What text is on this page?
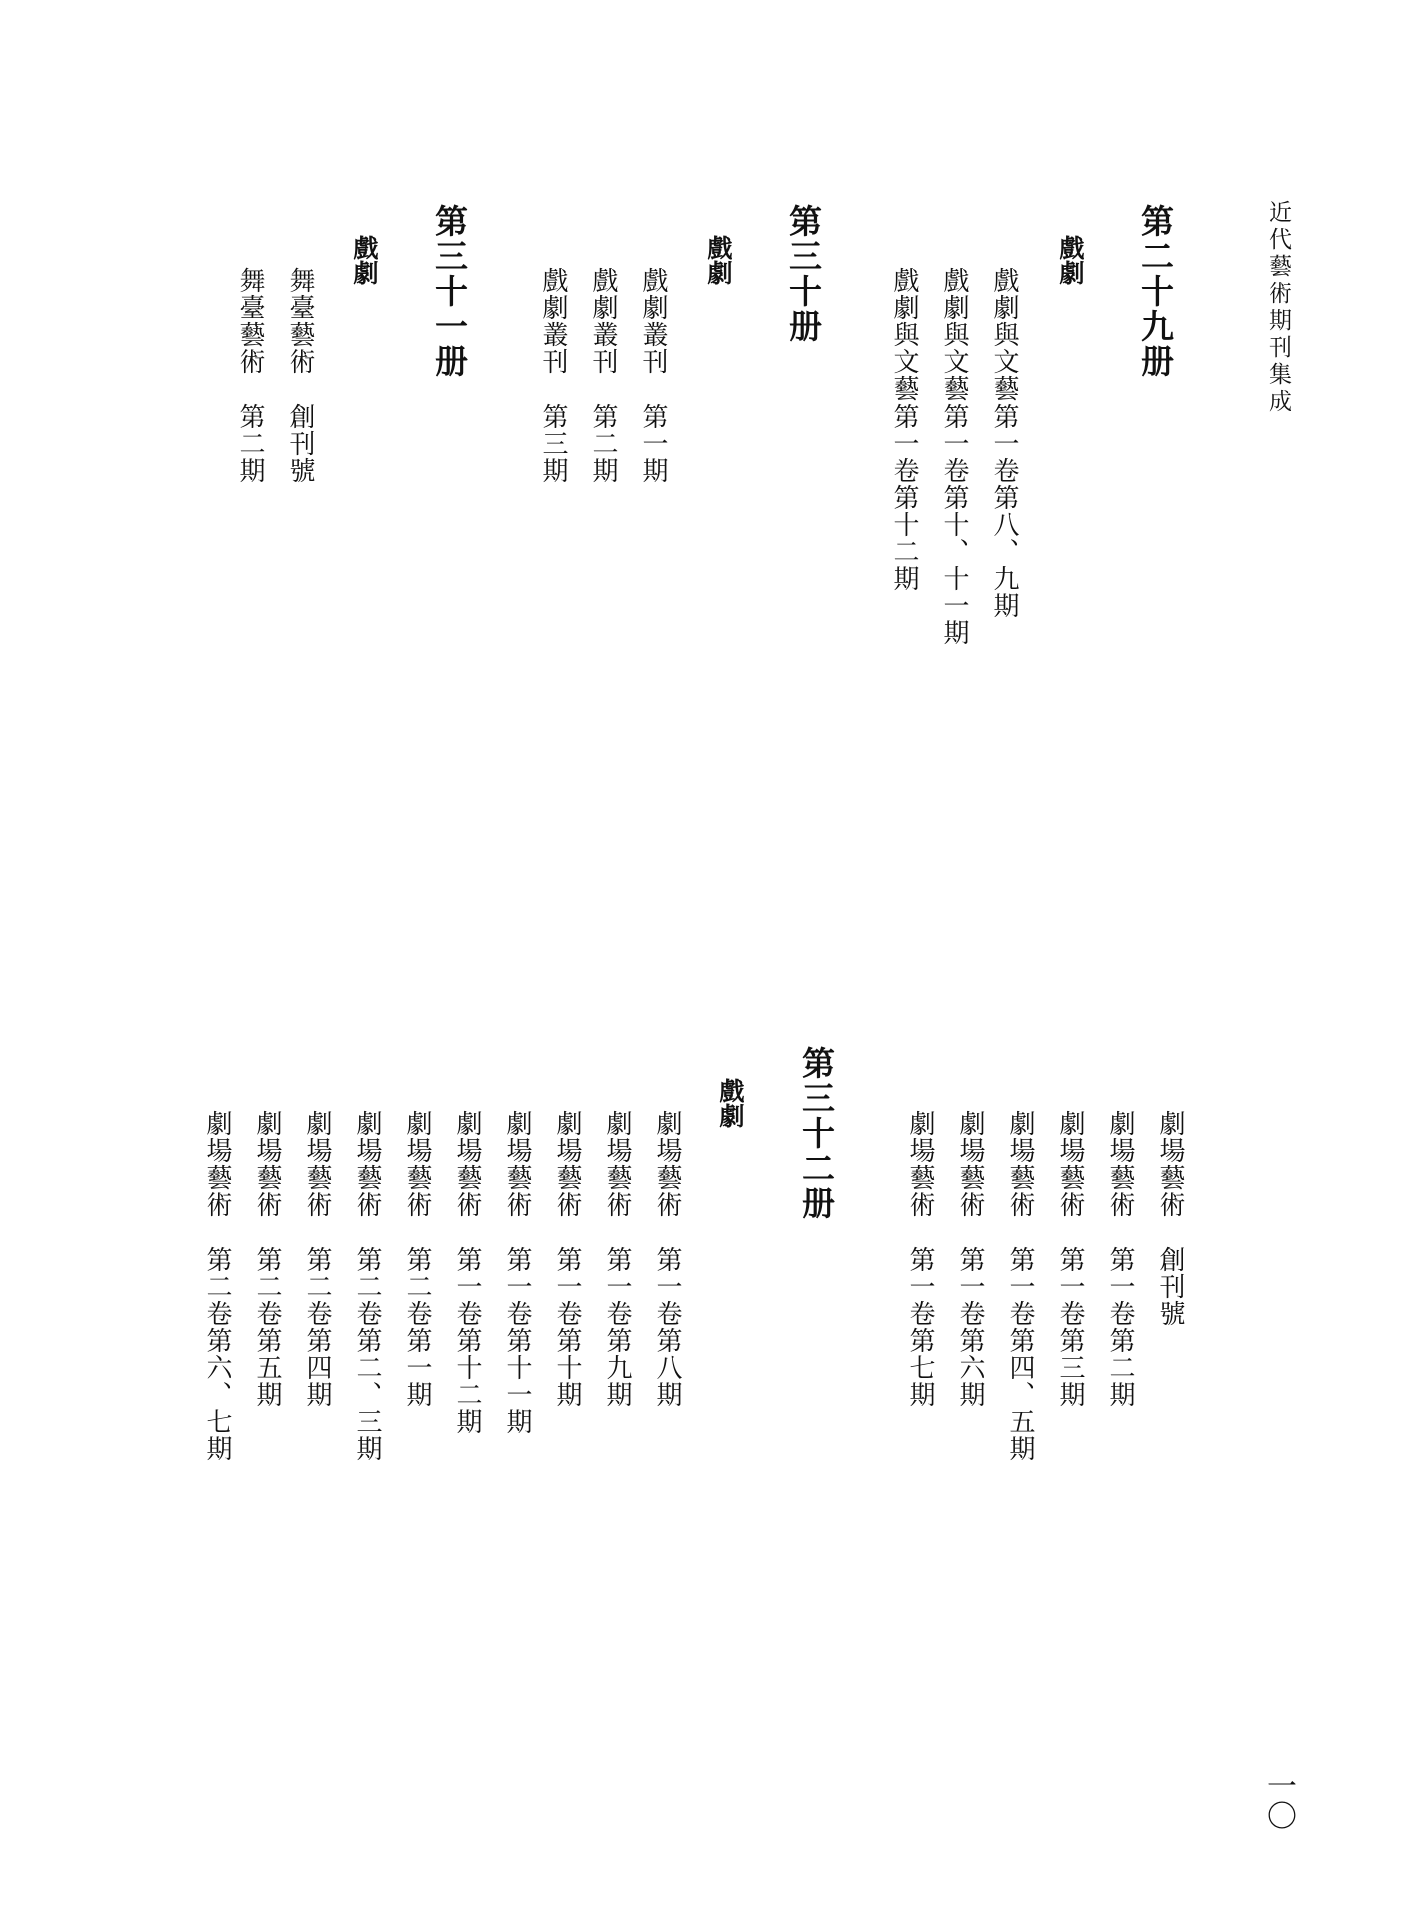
近代藝術期刊集成
一〇
第二十九册
戲劇
戲劇與文藝第一卷第八、九期
戲劇與文藝第一卷第十、十一期
戲劇與文藝第一卷第十二期
第三十册
戲劇
戲劇叢刊第一期
戲劇叢刊第二期
戲劇叢刊第三期
第三十一册
戲劇
舞臺藝術創刊號
舞臺藝術第二期
劇場藝術創刊號
劇場藝術第一卷第二期
劇場藝術第一卷第三期
劇場藝術第一卷第四、五期
劇場藝術第一卷第六期
劇場藝術第一卷第七期
第三十二册
戲劇
劇場藝術第一卷第八期
劇場藝術第一卷第九期
劇場藝術第一卷第十期
劇場藝術第一卷第十一期
劇場藝術第一卷第十二期
劇場藝術第二卷第一期
劇場藝術第二卷第二、三期
劇場藝術第二卷第四期
劇場藝術第二卷第五期
劇場藝術第二卷第六、七期
